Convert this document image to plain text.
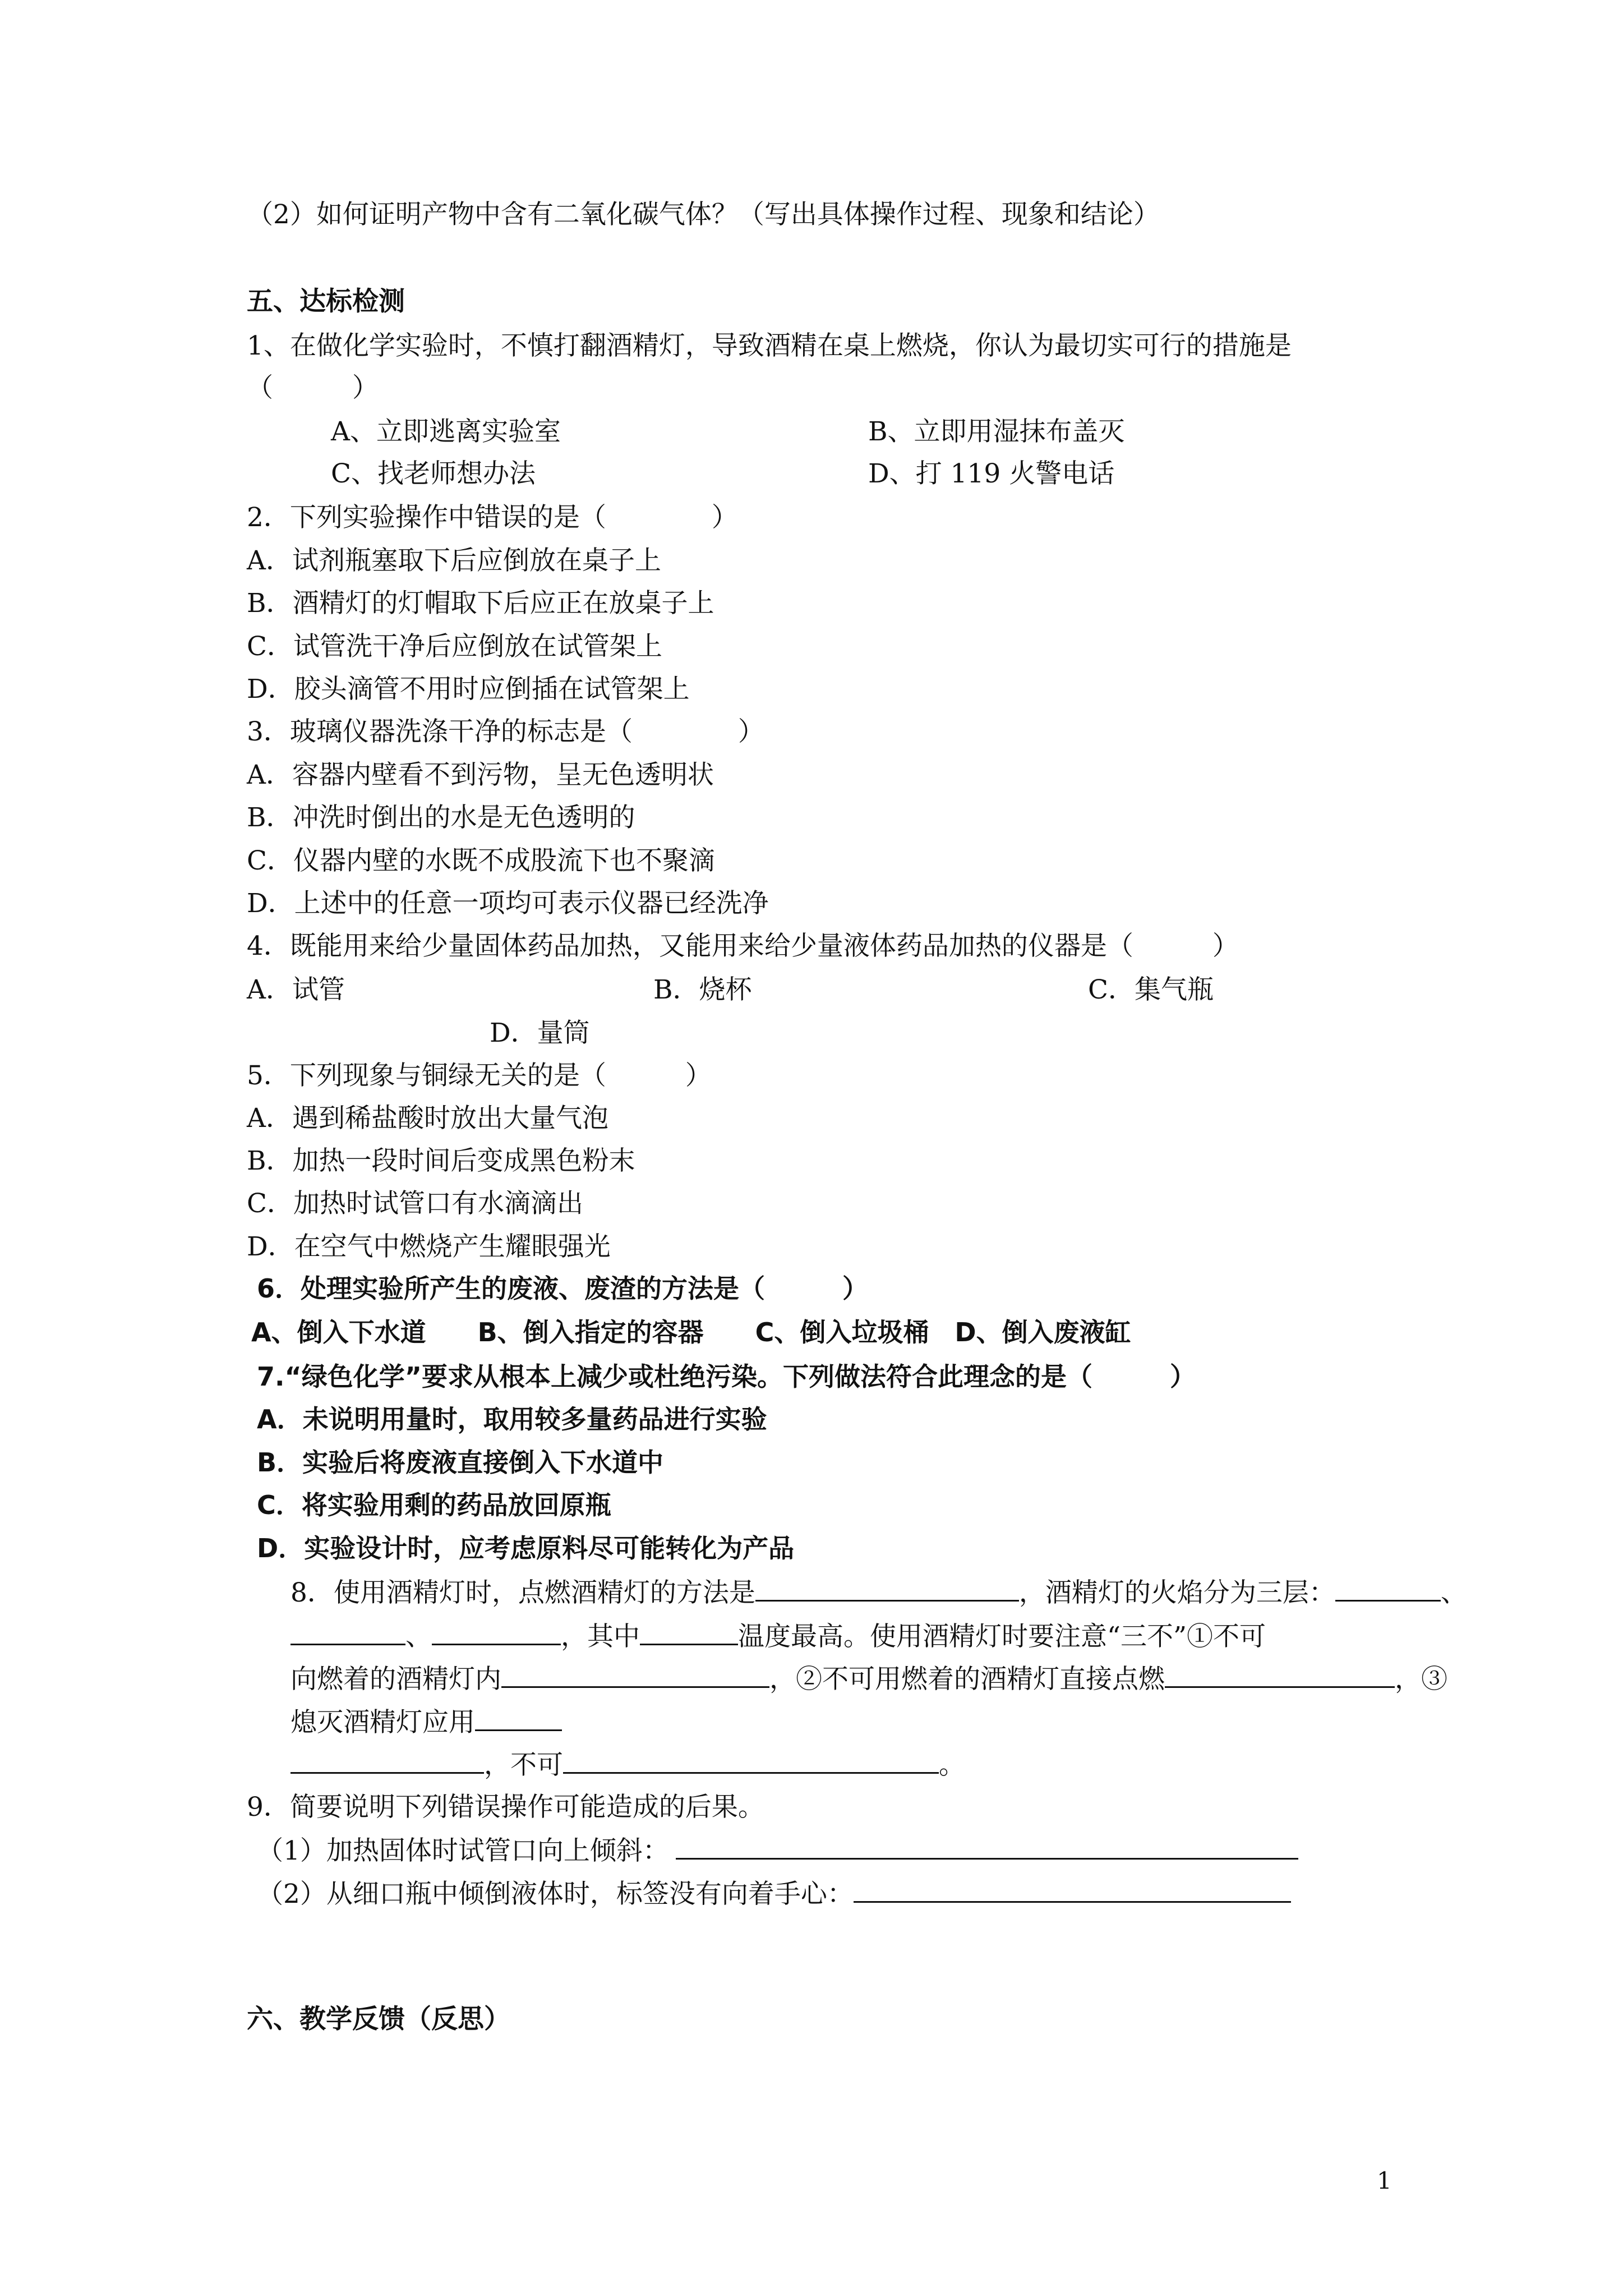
（2）如何证明产物中含有二氧化碳气体？（写出具体操作过程、现象和结论）
五、达标检测
1、在做化学实验时，不慎打翻酒精灯，导致酒精在桌上燃烧，你认为最切实可行的措施是
（　　　）
A、立即逃离实验室	B、立即用湿抹布盖灭
C、找老师想办法	D、打 119 火警电话
2．下列实验操作中错误的是（　　　　）
A．试剂瓶塞取下后应倒放在桌子上
B．酒精灯的灯帽取下后应正在放桌子上
C．试管洗干净后应倒放在试管架上
D．胶头滴管不用时应倒插在试管架上
3．玻璃仪器洗涤干净的标志是（　　　　）
A．容器内壁看不到污物，呈无色透明状
B．冲洗时倒出的水是无色透明的
C．仪器内壁的水既不成股流下也不聚滴
D．上述中的任意一项均可表示仪器已经洗净
4．既能用来给少量固体药品加热，又能用来给少量液体药品加热的仪器是（　　　）
A．试管	B．烧杯	C．集气瓶
D．量筒
5．下列现象与铜绿无关的是（　　　）
A．遇到稀盐酸时放出大量气泡
B．加热一段时间后变成黑色粉末
C．加热时试管口有水滴滴出
D．在空气中燃烧产生耀眼强光
6．处理实验所产生的废液、废渣的方法是（　　　）
A、倒入下水道　　B、倒入指定的容器　　C、倒入垃圾桶　D、倒入废液缸
7.“绿色化学”要求从根本上减少或杜绝污染。下列做法符合此理念的是（　　　）
A．未说明用量时，取用较多量药品进行实验
B．实验后将废液直接倒入下水道中
C．将实验用剩的药品放回原瓶
D．实验设计时，应考虑原料尽可能转化为产品
8．使用酒精灯时，点燃酒精灯的方法是	，酒精灯的火焰分为三层：	、
、	，其中	温度最高。使用酒精灯时要注意“三不”①不可
向燃着的酒精灯内	，②不可用燃着的酒精灯直接点燃	，③
熄灭酒精灯应用
，不可	。
9．简要说明下列错误操作可能造成的后果。
（1）加热固体时试管口向上倾斜：
（2）从细口瓶中倾倒液体时，标签没有向着手心：
六、教学反馈（反思）
1
